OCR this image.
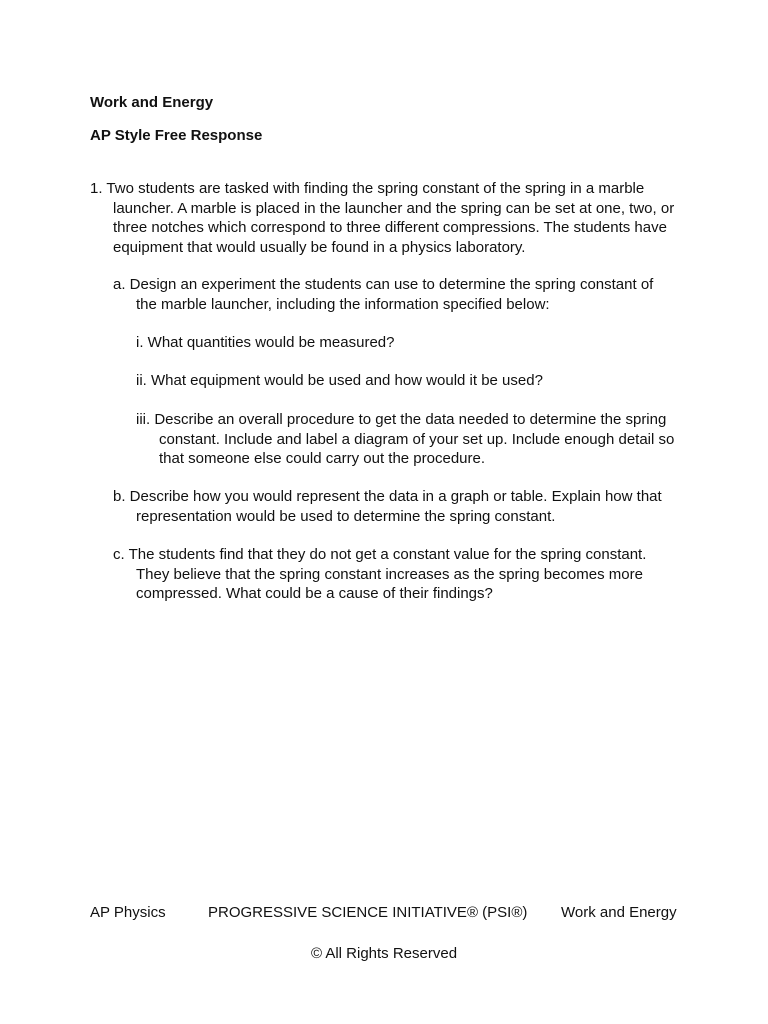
Work and Energy

AP Style Free Response

1. Two students are tasked with finding the spring constant of the spring in a marble launcher. A marble is placed in the launcher and the spring can be set at one, two, or three notches which correspond to three different compressions. The students have equipment that would usually be found in a physics laboratory.

a. Design an experiment the students can use to determine the spring constant of the marble launcher, including the information specified below:

i. What quantities would be measured?

ii. What equipment would be used and how would it be used?

iii. Describe an overall procedure to get the data needed to determine the spring constant. Include and label a diagram of your set up. Include enough detail so that someone else could carry out the procedure.

b. Describe how you would represent the data in a graph or table. Explain how that representation would be used to determine the spring constant.

c. The students find that they do not get a constant value for the spring constant. They believe that the spring constant increases as the spring becomes more compressed. What could be a cause of their findings?

AP Physics	PROGRESSIVE SCIENCE INITIATIVE® (PSI®) Work and Energy
© All Rights Reserved
